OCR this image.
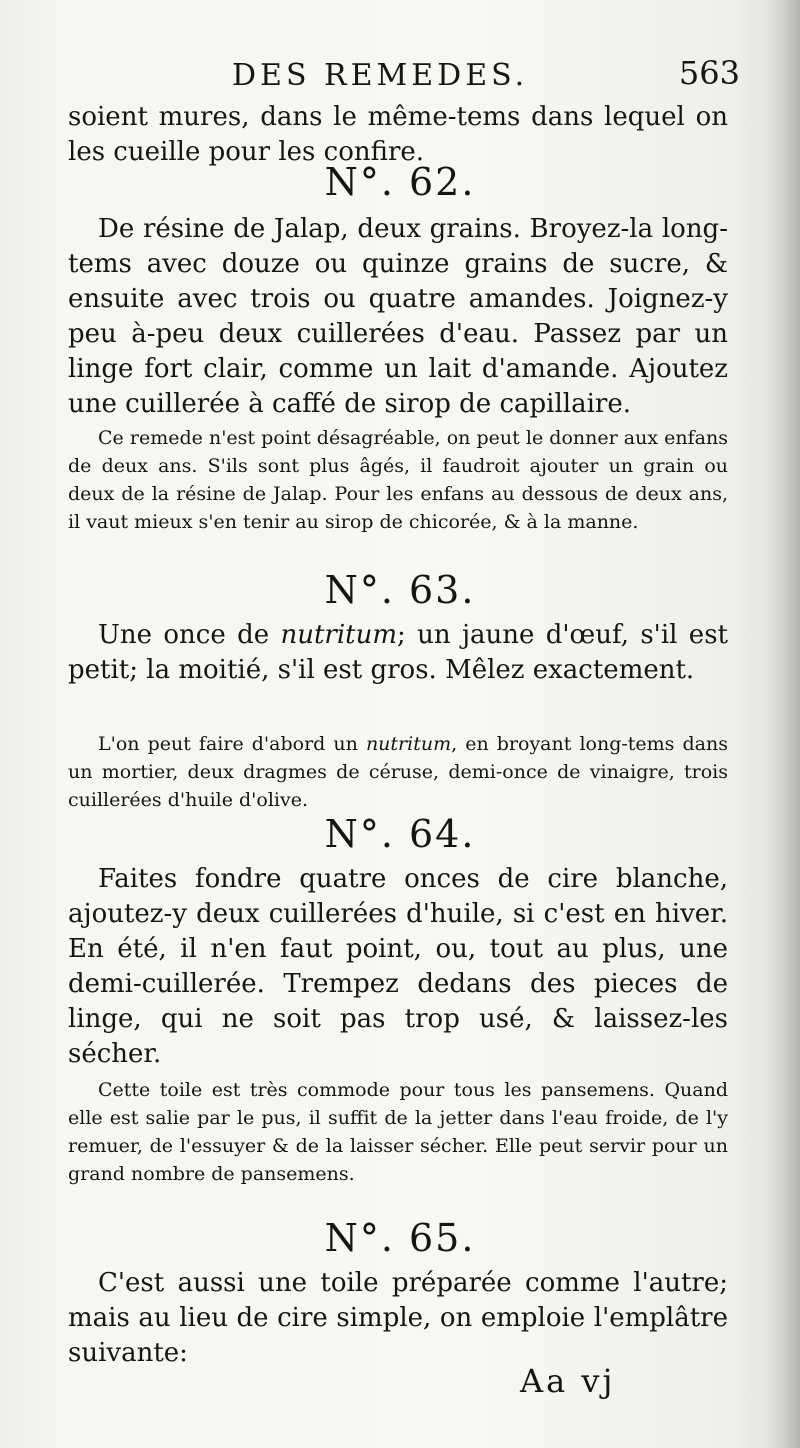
DES REMEDES.	563

soient mures, dans le même-tems dans lequel on les cueille pour les confire.

N°. 62.

De résine de Jalap, deux grains. Broyez-la long-tems avec douze ou quinze grains de sucre, & ensuite avec trois ou quatre amandes. Joignez-y peu à-peu deux cuillerées d'eau. Passez par un linge fort clair, comme un lait d'amande. Ajoutez une cuillerée à caffé de sirop de capillaire.

Ce remede n'est point désagréable, on peut le donner aux enfans de deux ans. S'ils sont plus âgés, il faudroit ajouter un grain ou deux de la résine de Jalap. Pour les enfans au dessous de deux ans, il vaut mieux s'en tenir au sirop de chicorée, & à la manne.

N°. 63.

Une once de nutritum; un jaune d'œuf, s'il est petit; la moitié, s'il est gros. Mêlez exactement.

L'on peut faire d'abord un nutritum, en broyant long-tems dans un mortier, deux dragmes de céruse, demi-once de vinaigre, trois cuillerées d'huile d'olive.

N°. 64.

Faites fondre quatre onces de cire blanche, ajoutez-y deux cuillerées d'huile, si c'est en hiver. En été, il n'en faut point, ou, tout au plus, une demi-cuillerée. Trempez dedans des pieces de linge, qui ne soit pas trop usé, & laissez-les sécher.

Cette toile est très commode pour tous les pansemens. Quand elle est salie par le pus, il suffit de la jetter dans l'eau froide, de l'y remuer, de l'essuyer & de la laisser sécher. Elle peut servir pour un grand nombre de pansemens.

N°. 65.

C'est aussi une toile préparée comme l'autre; mais au lieu de cire simple, on emploie l'emplâtre suivante:

Aa vj
